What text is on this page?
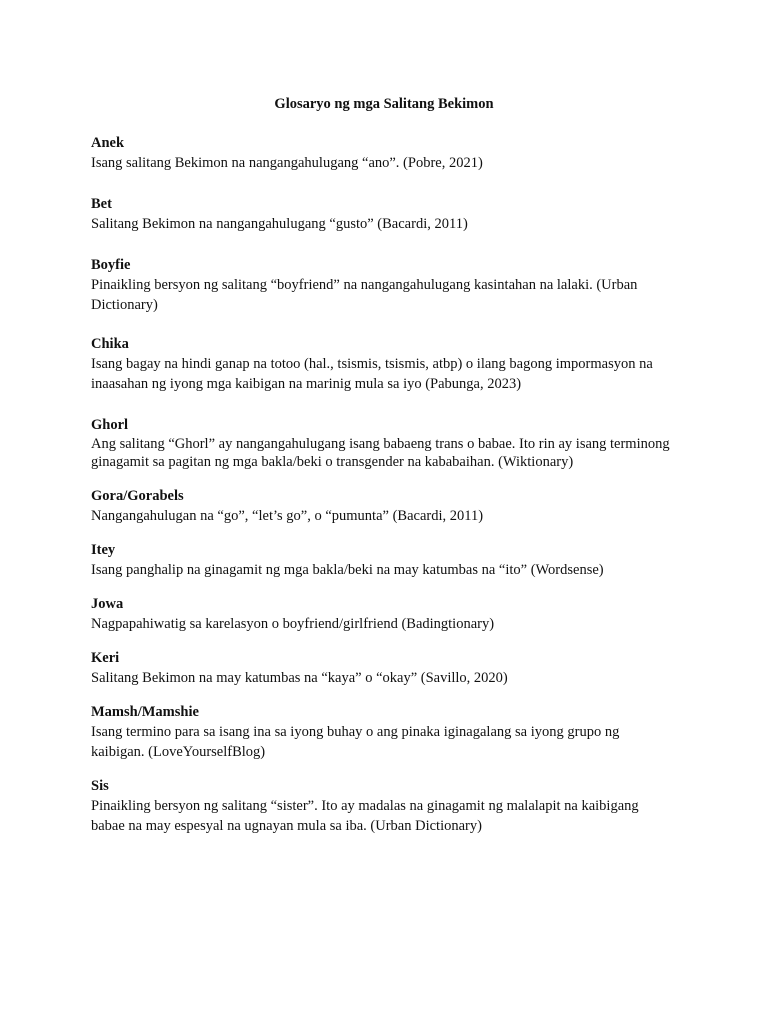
Glosaryo ng mga Salitang Bekimon

Anek

Isang salitang Bekimon na nangangahulugang “ano”. (Pobre, 2021)

Bet

Salitang Bekimon na nangangahulugang “gusto” (Bacardi, 2011)

Boyfie

Pinaikling bersyon ng salitang “boyfriend” na nangangahulugang kasintahan na lalaki. (Urban Dictionary)

Chika

Isang bagay na hindi ganap na totoo (hal., tsismis, tsismis, atbp) o ilang bagong impormasyon na inaasahan ng iyong mga kaibigan na marinig mula sa iyo (Pabunga, 2023)

Ghorl

Ang salitang “Ghorl” ay nangangahulugang isang babaeng trans o babae. Ito rin ay isang terminong ginagamit sa pagitan ng mga bakla/beki o transgender na kababaihan. (Wiktionary)

Gora/Gorabels

Nangangahulugan na “go”, “let’s go”, o “pumunta” (Bacardi, 2011)

Itey

Isang panghalip na ginagamit ng mga bakla/beki na may katumbas na “ito” (Wordsense)

Jowa

Nagpapahiwatig sa karelasyon o boyfriend/girlfriend (Badingtionary)

Keri

Salitang Bekimon na may katumbas na “kaya” o “okay” (Savillo, 2020)

Mamsh/Mamshie

Isang termino para sa isang ina sa iyong buhay o ang pinaka iginagalang sa iyong grupo ng kaibigan. (LoveYourselfBlog)

Sis

Pinaikling bersyon ng salitang “sister”. Ito ay madalas na ginagamit ng malalapit na kaibigang babae na may espesyal na ugnayan mula sa iba. (Urban Dictionary)
